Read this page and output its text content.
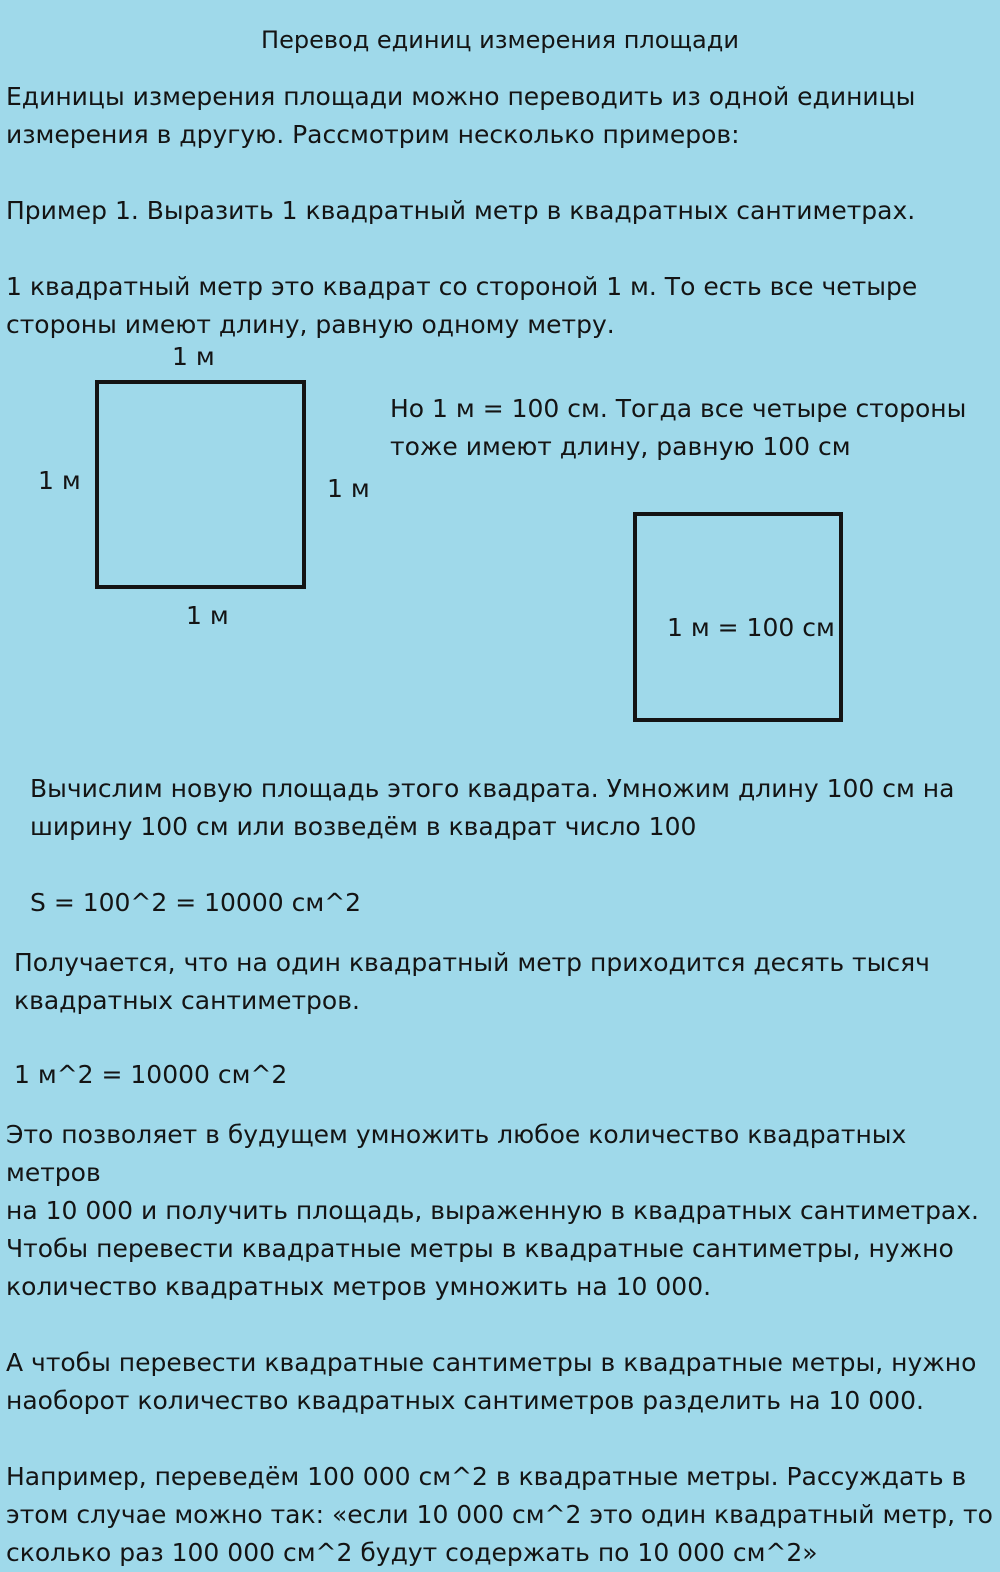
Перевод единиц измерения площади

Единицы измерения площади можно переводить из одной единицы
измерения в другую. Рассмотрим несколько примеров:

Пример 1. Выразить 1 квадратный метр в квадратных сантиметрах.

1 квадратный метр это квадрат со стороной 1 м. То есть все четыре
стороны имеют длину, равную одному метру.

1 м
1 м	1 м
1 м

Но 1 м = 100 см. Тогда все четыре стороны
тоже имеют длину, равную 100 см

1 м = 100 см

Вычислим новую площадь этого квадрата. Умножим длину 100 см на
ширину 100 см или возведём в квадрат число 100

S = 100^2 = 10000 см^2

Получается, что на один квадратный метр приходится десять тысяч
квадратных сантиметров.

1 м^2 = 10000 см^2

Это позволяет в будущем умножить любое количество квадратных метров
на 10 000 и получить площадь, выраженную в квадратных сантиметрах.

Чтобы перевести квадратные метры в квадратные сантиметры, нужно
количество квадратных метров умножить на 10 000.

А чтобы перевести квадратные сантиметры в квадратные метры, нужно
наоборот количество квадратных сантиметров разделить на 10 000.

Например, переведём 100 000 см^2 в квадратные метры. Рассуждать в
этом случае можно так: «если 10 000 см^2 это один квадратный метр, то
сколько раз 100 000 см^2 будут содержать по 10 000 см^2»
